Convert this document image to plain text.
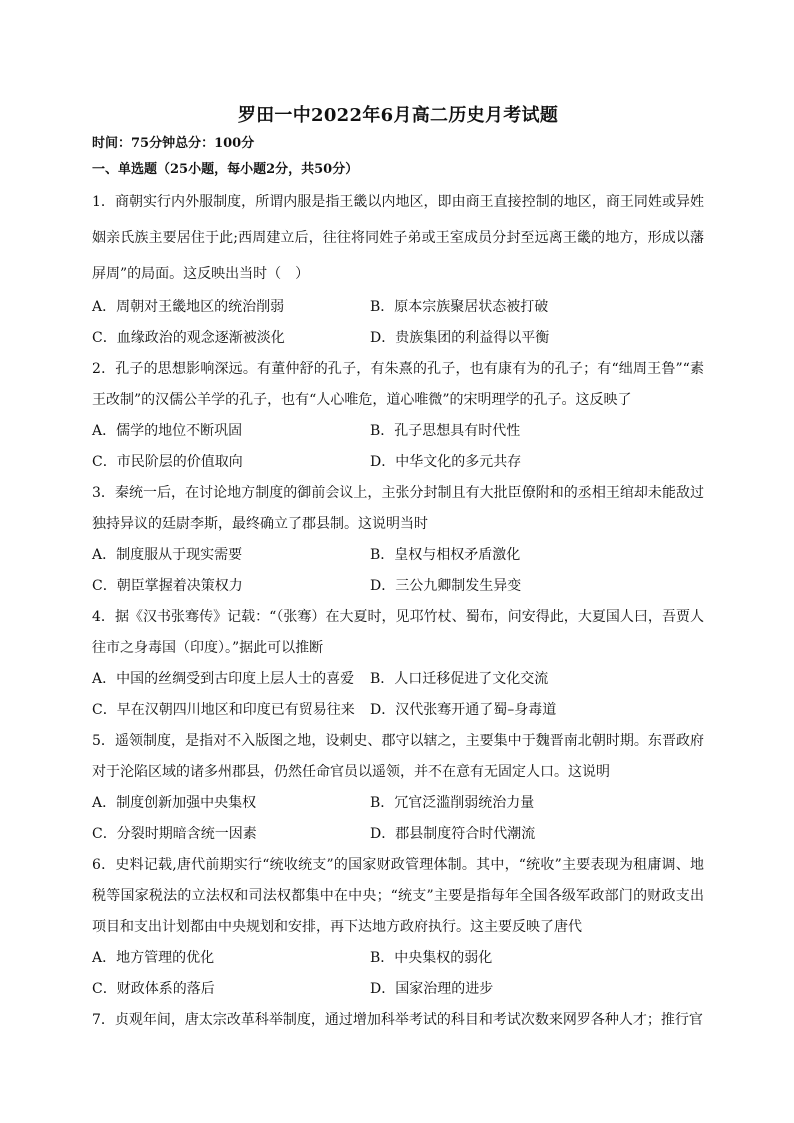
罗田一中2022年6月高二历史月考试题
时间：75分钟总分：100分
一、单选题（25小题，每小题2分，共50分）

1．商朝实行内外服制度，所谓内服是指王畿以内地区，即由商王直接控制的地区，商王同姓或异姓姻亲氏族主要居住于此;西周建立后，往往将同姓子弟或王室成员分封至远离王畿的地方，形成以藩屏周”的局面。这反映出当时（　）

A．周朝对王畿地区的统治削弱	B．原本宗族聚居状态被打破
C．血缘政治的观念逐渐被淡化	D．贵族集团的利益得以平衡

2．孔子的思想影响深远。有董仲舒的孔子，有朱熹的孔子，也有康有为的孔子；有“绌周王鲁”“素王改制”的汉儒公羊学的孔子，也有“人心唯危，道心唯微”的宋明理学的孔子。这反映了

A．儒学的地位不断巩固	B．孔子思想具有时代性
C．市民阶层的价值取向	D．中华文化的多元共存

3．秦统一后，在讨论地方制度的御前会议上，主张分封制且有大批臣僚附和的丞相王绾却未能敌过独持异议的廷尉李斯，最终确立了郡县制。这说明当时

A．制度服从于现实需要	B．皇权与相权矛盾激化
C．朝臣掌握着决策权力	D．三公九卿制发生异变

4．据《汉书张骞传》记载：“（张骞）在大夏时，见邛竹杖、蜀布，问安得此，大夏国人曰，吾贾人往市之身毒国（印度）。”据此可以推断

A．中国的丝绸受到古印度上层人士的喜爱	B．人口迁移促进了文化交流
C．早在汉朝四川地区和印度已有贸易往来	D．汉代张骞开通了蜀–身毒道

5．遥领制度，是指对不入版图之地，设刺史、郡守以辖之，主要集中于魏晋南北朝时期。东晋政府对于沦陷区域的诸多州郡县，仍然任命官员以遥领，并不在意有无固定人口。这说明

A．制度创新加强中央集权	B．冗官泛滥削弱统治力量
C．分裂时期暗含统一因素	D．郡县制度符合时代潮流

6．史料记载,唐代前期实行“统收统支”的国家财政管理体制。其中，“统收”主要表现为租庸调、地税等国家税法的立法权和司法权都集中在中央；“统支”主要是指每年全国各级军政部门的财政支出项目和支出计划都由中央规划和安排，再下达地方政府执行。这主要反映了唐代

A．地方管理的优化	B．中央集权的弱化
C．财政体系的落后	D．国家治理的进步

7．贞观年间，唐太宗改革科举制度，通过增加科举考试的科目和考试次数来网罗各种人才；推行官
